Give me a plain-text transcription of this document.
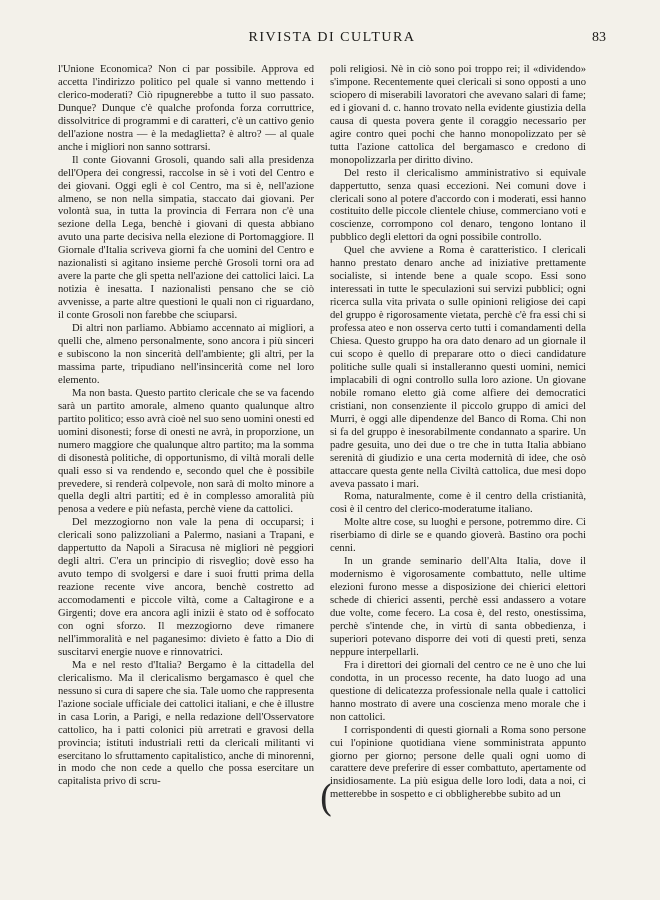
RIVISTA DI CULTURA	83

l'Unione Economica? Non ci par possibile. Approva ed accetta l'indirizzo politico pel quale si vanno mettendo i clerico-moderati? Ciò ripugnerebbe a tutto il suo passato. Dunque? Dunque c'è qualche profonda forza corruttrice, dissolvitrice di programmi e di caratteri, c'è un cattivo genio dell'azione nostra — è la medaglietta? è altro? — al quale anche i migliori non sanno sottrarsi.

Il conte Giovanni Grosoli, quando salì alla presidenza dell'Opera dei congressi, raccolse in sè i voti del Centro e dei giovani. Oggi egli è col Centro, ma si è, nell'azione almeno, se non nella simpatia, staccato dai giovani. Per volontà sua, in tutta la provincia di Ferrara non c'è una sezione della Lega, benchè i giovani di questa abbiano avuto una parte decisiva nella elezione di Portomaggiore. Il Giornale d'Italia scriveva giorni fa che uomini del Centro e nazionalisti si agitano insieme perchè Grosoli torni ora ad avere la parte che gli spetta nell'azione dei cattolici laici. La notizia è inesatta. I nazionalisti pensano che se ciò avvenisse, a parte altre questioni le quali non ci riguardano, il conte Grosoli non farebbe che sciuparsi.

Di altri non parliamo. Abbiamo accennato ai migliori, a quelli che, almeno personalmente, sono ancora i più sinceri e subiscono la non sincerità dell'ambiente; gli altri, per la massima parte, tripudiano nell'insincerità come nel loro elemento.

Ma non basta. Questo partito clericale che se va facendo sarà un partito amorale, almeno quanto qualunque altro partito politico; esso avrà cioè nel suo seno uomini onesti ed uomini disonesti; forse di onesti ne avrà, in proporzione, un numero maggiore che qualunque altro partito; ma la somma di disonestà politiche, di opportunismo, di viltà morali delle quali esso si va rendendo e, secondo quel che è possibile prevedere, si renderà colpevole, non sarà di molto minore a quella degli altri partiti; ed è in complesso amoralità più penosa a vedere e più nefasta, perchè viene da cattolici.

Del mezzogiorno non vale la pena di occuparsi; i clericali sono palizzoliani a Palermo, nasiani a Trapani, e dappertutto da Napoli a Siracusa nè migliori nè peggiori degli altri. C'era un principio di risveglio; dovè esso ha avuto tempo di svolgersi e dare i suoi frutti prima della reazione recente vive ancora, benchè costretto ad accomodamenti e piccole viltà, come a Caltagirone e a Girgenti; dove era ancora agli inizii è stato od è soffocato con ogni sforzo. Il mezzogiorno deve rimanere nell'immoralità e nel paganesimo: divieto è fatto a Dio di suscitarvi energie nuove e rinnovatrici.

Ma e nel resto d'Italia? Bergamo è la cittadella del clericalismo. Ma il clericalismo bergamasco è quel che nessuno si cura di sapere che sia. Tale uomo che rappresenta l'azione sociale ufficiale dei cattolici italiani, e che è illustre in casa Lorin, a Parigi, e nella redazione dell'Osservatore cattolico, ha i patti colonici più arretrati e gravosi della provincia; istituti industriali retti da clericali militanti vi esercitano lo sfruttamento capitalistico, anche di minorenni, in modo che non cede a quello che possa esercitare un capitalista privo di scru-	(

poli religiosi. Nè in ciò sono poi troppo rei; il «dividendo» s'impone. Recentemente quei clericali si sono opposti a uno sciopero di miserabili lavoratori che avevano salari di fame; ed i giovani d. c. hanno trovato nella evidente giustizia della causa di questa povera gente il coraggio necessario per agire contro quei pochi che hanno monopolizzato per sè tutta l'azione cattolica del bergamasco e credono di monopolizzarla per diritto divino.

Del resto il clericalismo amministrativo si equivale dappertutto, senza quasi eccezioni. Nei comuni dove i clericali sono al potere d'accordo con i moderati, essi hanno costituito delle piccole clientele chiuse, commerciano voti e coscienze, corrompono col denaro, tengono lontano il pubblico degli elettori da ogni possibile controllo.

Quel che avviene a Roma è caratteristico. I clericali hanno prestato denaro anche ad iniziative prettamente socialiste, si intende bene a quale scopo. Essi sono interessati in tutte le speculazioni sui servizi pubblici; ogni ricerca sulla vita privata o sulle opinioni religiose dei capi del gruppo è rigorosamente vietata, perchè c'è fra essi chi si professa ateo e non osserva certo tutti i comandamenti della Chiesa. Questo gruppo ha ora dato denaro ad un giornale il cui scopo è quello di preparare otto o dieci candidature politiche sulle quali si installeranno questi uomini, nemici implacabili di ogni controllo sulla loro azione. Un giovane nobile romano eletto già come alfiere dei democratici cristiani, non consenziente il piccolo gruppo di amici del Murri, è oggi alle dipendenze del Banco di Roma. Chi non si fa del gruppo è inesorabilmente condannato a sparire. Un padre gesuita, uno dei due o tre che in tutta Italia abbiano serenità di giudizio e una certa modernità di idee, che osò attaccare questa gente nella Civiltà cattolica, due mesi dopo aveva passato i mari.

Roma, naturalmente, come è il centro della cristianità, così è il centro del clerico-moderatume italiano.

Molte altre cose, su luoghi e persone, potremmo dire. Ci riserbiamo di dirle se e quando gioverà. Bastino ora pochi cenni.

In un grande seminario dell'Alta Italia, dove il modernismo è vigorosamente combattuto, nelle ultime elezioni furono messe a disposizione dei chierici elettori schede di chierici assenti, perchè essi andassero a votare due volte, come fecero. La cosa è, del resto, onestissima, perchè s'intende che, in virtù di santa obbedienza, i superiori potevano disporre dei voti di questi preti, senza neppure interpellarli.

Fra i direttori dei giornali del centro ce ne è uno che lui condotta, in un processo recente, ha dato luogo ad una questione di delicatezza professionale nella quale i cattolici hanno mostrato di avere una coscienza meno morale che i non cattolici.

I corrispondenti di questi giornali a Roma sono persone cui l'opinione quotidiana viene somministrata appunto giorno per giorno; persone delle quali ogni uomo di carattere deve preferire di esser combattuto, apertamente od insidiosamente. La più esigua delle loro lodi, data a noi, ci metterebbe in sospetto e ci obbligherebbe subito ad un
